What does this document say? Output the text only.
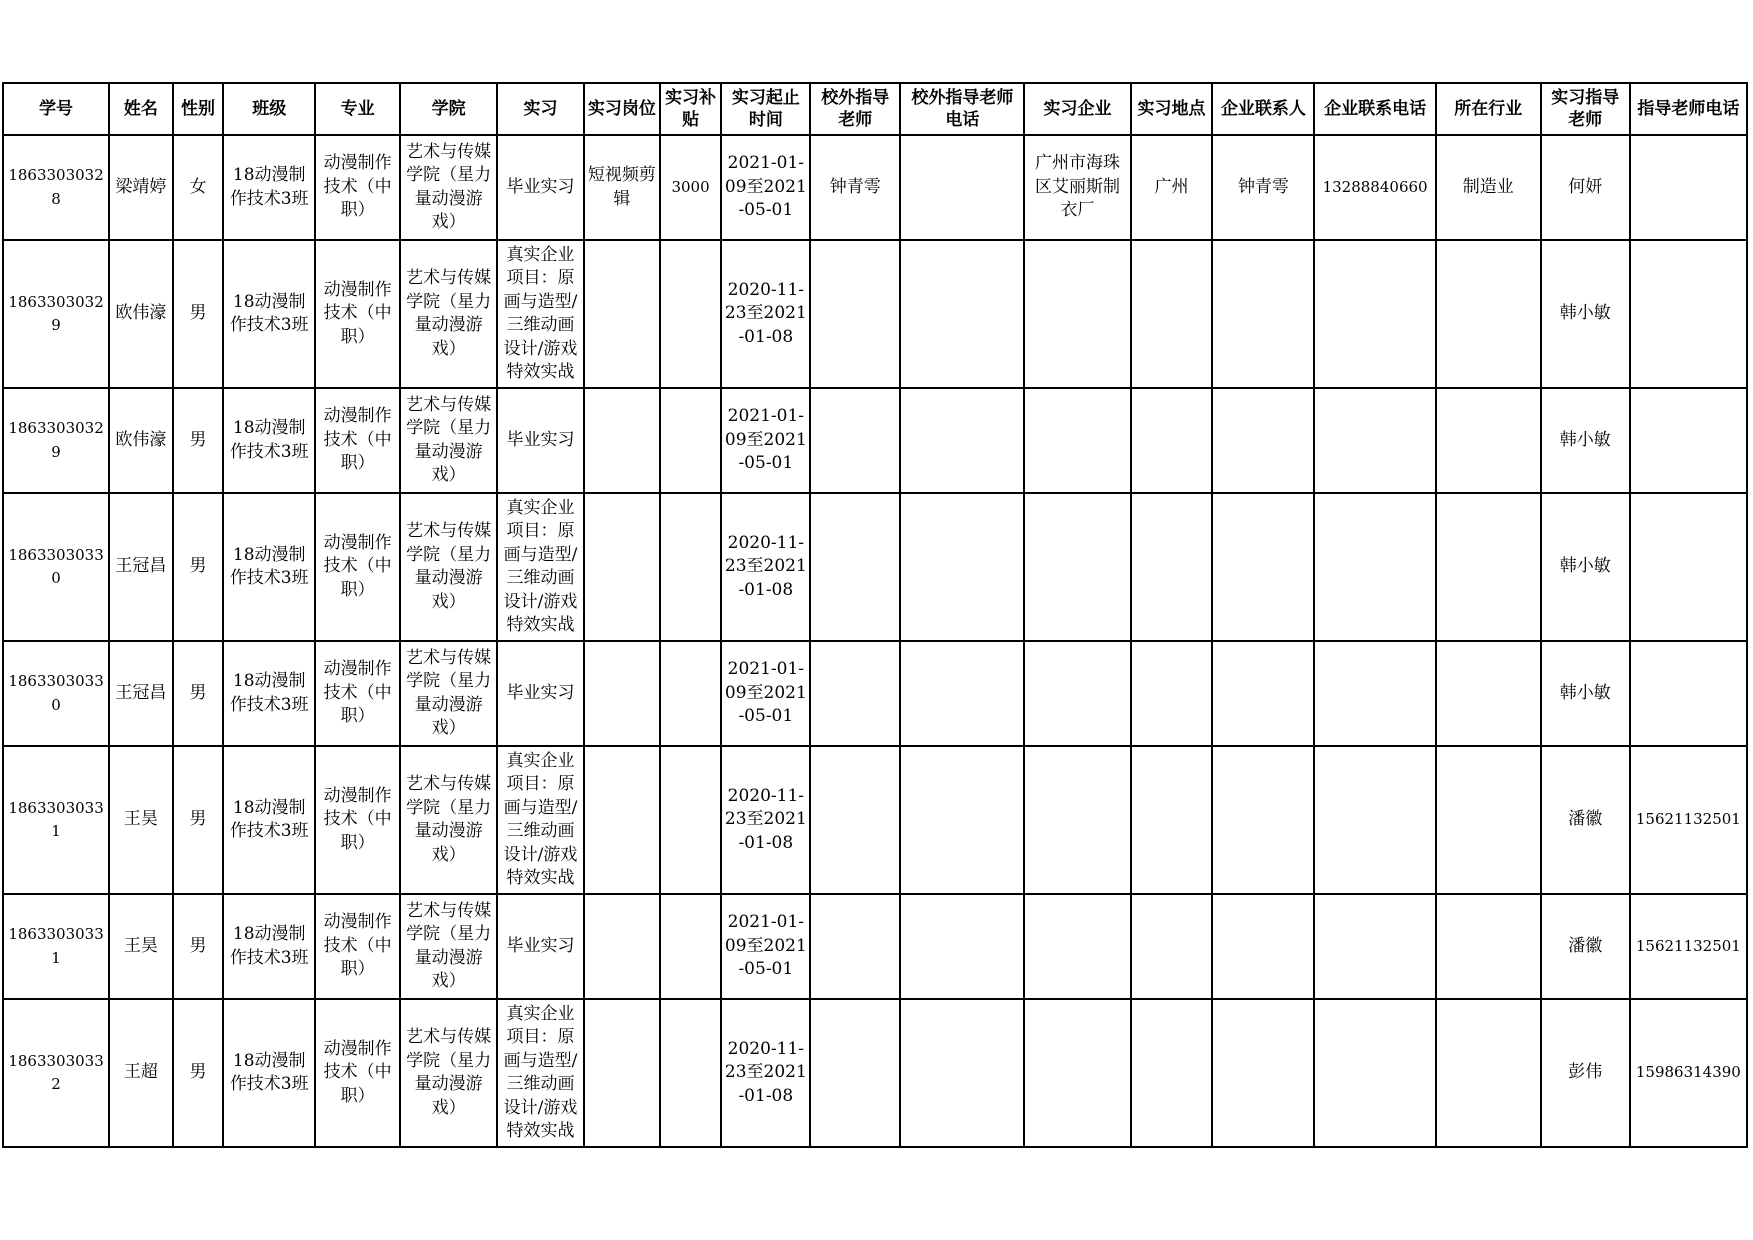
学号	姓名	性别	班级	专业	学院	实习	实习岗位	实习补贴	实习起止时间	校外指导老师	校外指导老师电话	实习企业	实习地点	企业联系人	企业联系电话	所在行业	实习指导老师	指导老师电话

18633030328	梁靖婷	女	18动漫制作技术3班	动漫制作技术（中职）	艺术与传媒学院（星力量动漫游戏）	毕业实习	短视频剪辑	3000	2021-01-09至2021-05-01	钟青雩		广州市海珠区艾丽斯制衣厂	广州	钟青雩	13288840660	制造业	何妍	

18633030329	欧伟濠	男	18动漫制作技术3班	动漫制作技术（中职）	艺术与传媒学院（星力量动漫游戏）	真实企业项目：原画与造型/三维动画设计/游戏特效实战			2020-11-23至2021-01-08								韩小敏	

18633030329	欧伟濠	男	18动漫制作技术3班	动漫制作技术（中职）	艺术与传媒学院（星力量动漫游戏）	毕业实习			2021-01-09至2021-05-01								韩小敏	

18633030330	王冠昌	男	18动漫制作技术3班	动漫制作技术（中职）	艺术与传媒学院（星力量动漫游戏）	真实企业项目：原画与造型/三维动画设计/游戏特效实战			2020-11-23至2021-01-08								韩小敏	

18633030330	王冠昌	男	18动漫制作技术3班	动漫制作技术（中职）	艺术与传媒学院（星力量动漫游戏）	毕业实习			2021-01-09至2021-05-01								韩小敏	

18633030331	王昊	男	18动漫制作技术3班	动漫制作技术（中职）	艺术与传媒学院（星力量动漫游戏）	真实企业项目：原画与造型/三维动画设计/游戏特效实战			2020-11-23至2021-01-08								潘徽	15621132501

18633030331	王昊	男	18动漫制作技术3班	动漫制作技术（中职）	艺术与传媒学院（星力量动漫游戏）	毕业实习			2021-01-09至2021-05-01								潘徽	15621132501

18633030332	王超	男	18动漫制作技术3班	动漫制作技术（中职）	艺术与传媒学院（星力量动漫游戏）	真实企业项目：原画与造型/三维动画设计/游戏特效实战			2020-11-23至2021-01-08								彭伟	15986314390
